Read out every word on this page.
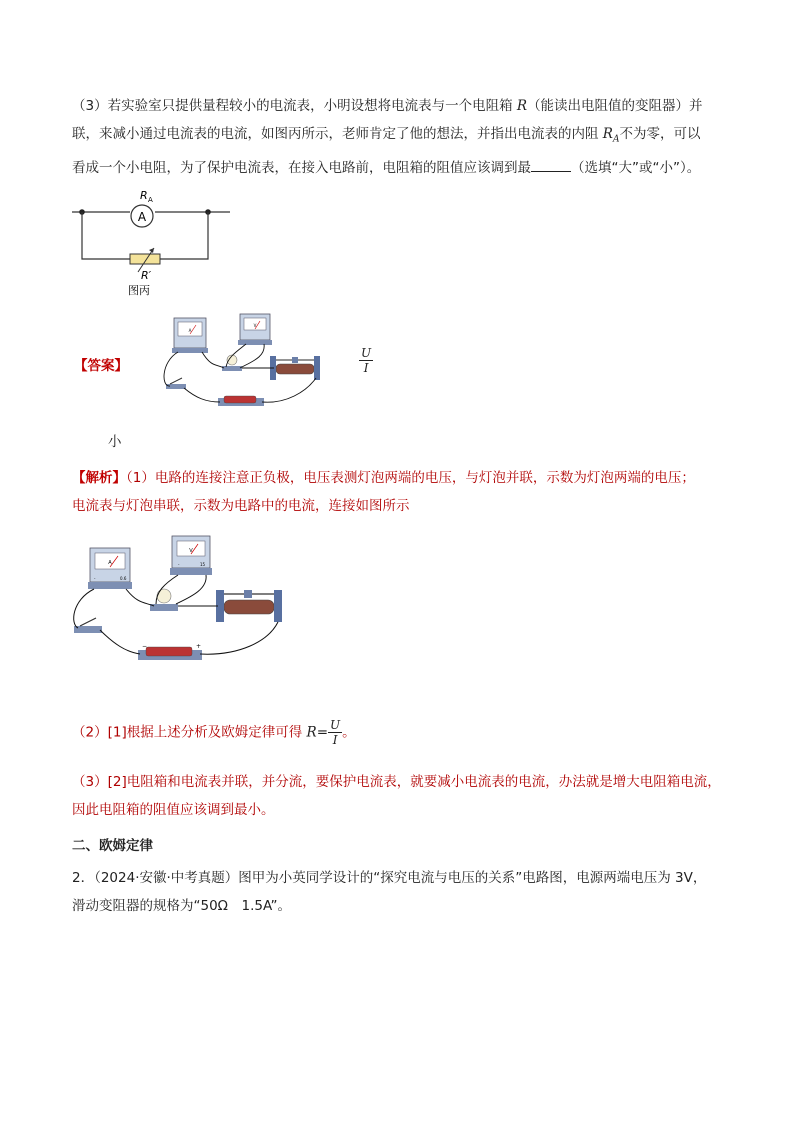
（3）若实验室只提供量程较小的电流表，小明设想将电流表与一个电阻箱 R（能读出电阻值的变阻器）并
联，来减小通过电流表的电流，如图丙所示，老师肯定了他的想法，并指出电流表的内阻 $R_A$不为零，可以
看成一个小电阻，为了保护电流表，在接入电路前，电阻箱的阻值应该调到最	（选填“大”或“小”）。
A
R A
R′
图丙
【答案】
A
V
$\frac{U}{I}$
小
【解析】（1）电路的连接注意正负极，电压表测灯泡两端的电压，与灯泡并联，示数为灯泡两端的电压；
电流表与灯泡串联，示数为电路中的电流，连接如图所示
A
-	0.6
V
-	15
−	+
（2）[1]根据上述分析及欧姆定律可得 $R= \frac{U}{I}$ 。
（3）[2]电阻箱和电流表并联，并分流，要保护电流表，就要减小电流表的电流，办法就是增大电阻箱电流，
因此电阻箱的阻值应该调到最小。
二、欧姆定律
2．（2024·安徽·中考真题）图甲为小英同学设计的“探究电流与电压的关系”电路图，电源两端电压为 3V，
滑动变阻器的规格为“50Ω　1.5A”。
